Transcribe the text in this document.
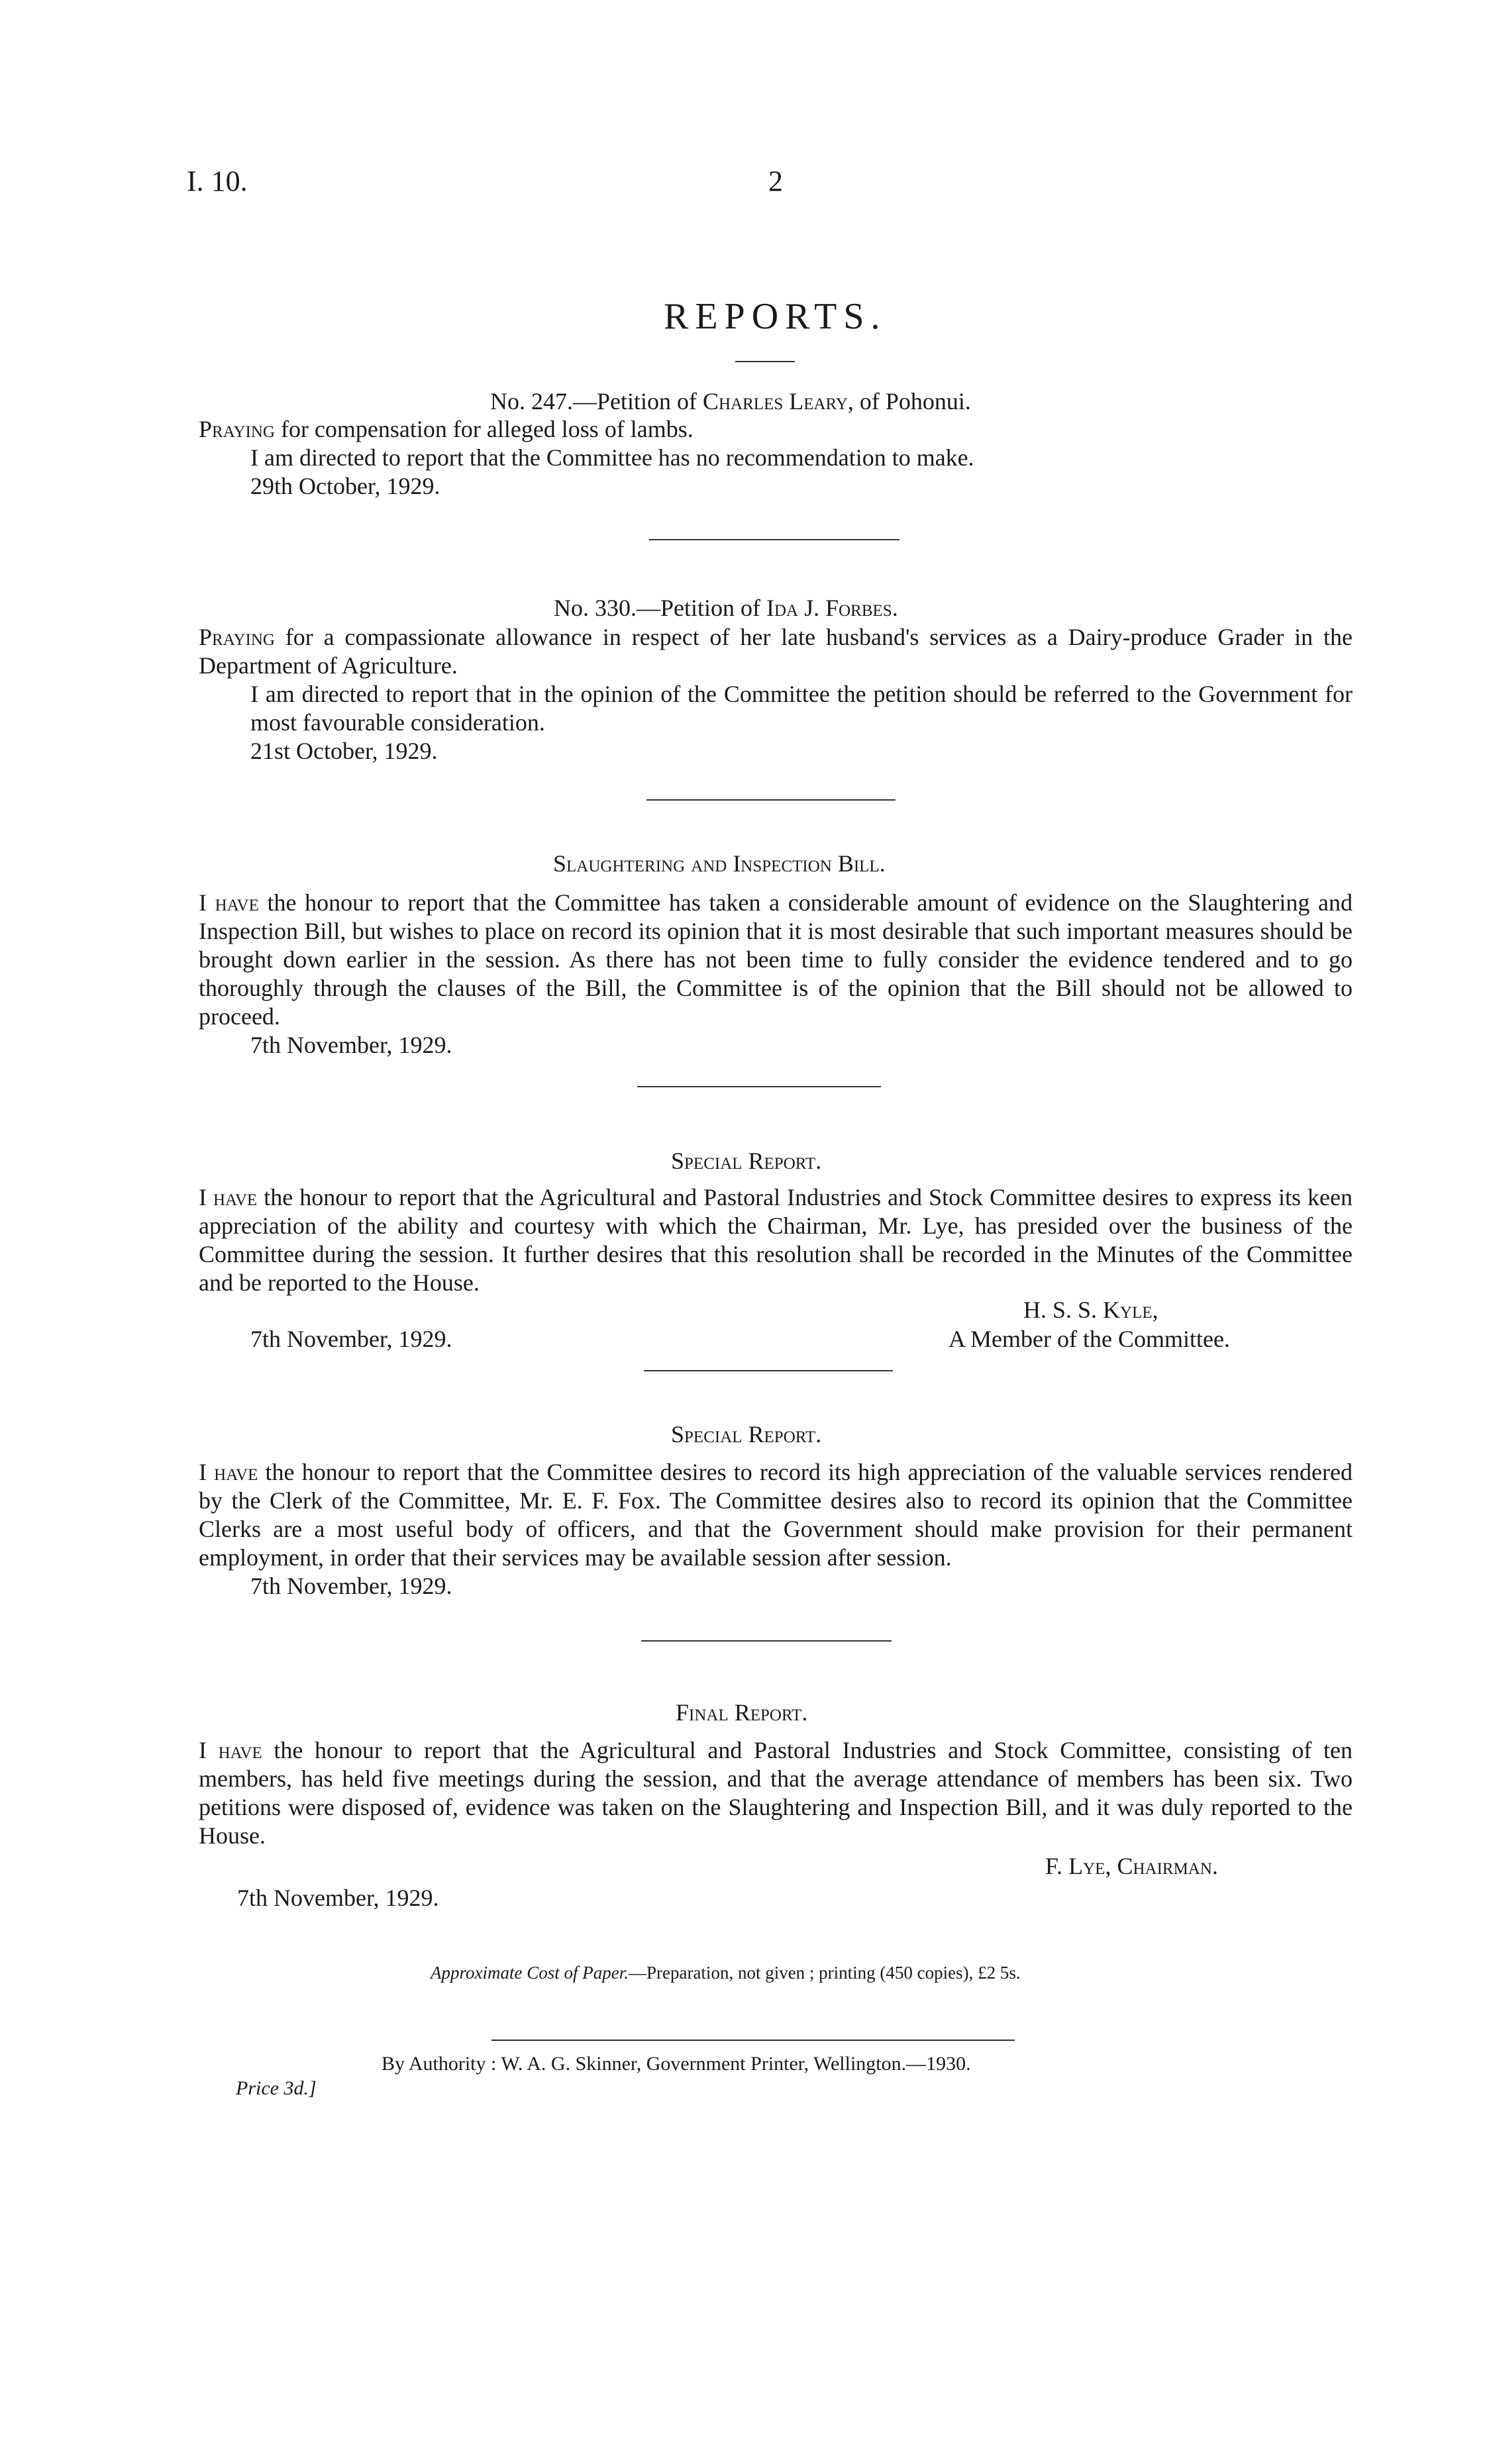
I. 10.	2
REPORTS.
No. 247.—Petition of Charles Leary, of Pohonui.

Praying for compensation for alleged loss of lambs.

I am directed to report that the Committee has no recommendation to make.

29th October, 1929.

No. 330.—Petition of Ida J. Forbes.

Praying for a compassionate allowance in respect of her late husband's services as a Dairy-produce Grader in the Department of Agriculture.

I am directed to report that in the opinion of the Committee the petition should be referred to the Government for most favourable consideration.

21st October, 1929.

Slaughtering and Inspection Bill.

I have the honour to report that the Committee has taken a considerable amount of evidence on the Slaughtering and Inspection Bill, but wishes to place on record its opinion that it is most desirable that such important measures should be brought down earlier in the session. As there has not been time to fully consider the evidence tendered and to go thoroughly through the clauses of the Bill, the Committee is of the opinion that the Bill should not be allowed to proceed.

7th November, 1929.

Special Report.

I have the honour to report that the Agricultural and Pastoral Industries and Stock Committee desires to express its keen appreciation of the ability and courtesy with which the Chairman, Mr. Lye, has presided over the business of the Committee during the session. It further desires that this resolution shall be recorded in the Minutes of the Committee and be reported to the House.

H. S. S. Kyle,
A Member of the Committee.
7th November, 1929.
Special Report.

I have the honour to report that the Committee desires to record its high appreciation of the valuable services rendered by the Clerk of the Committee, Mr. E. F. Fox. The Committee desires also to record its opinion that the Committee Clerks are a most useful body of officers, and that the Government should make provision for their permanent employment, in order that their services may be available session after session.

7th November, 1929.

Final Report.

I have the honour to report that the Agricultural and Pastoral Industries and Stock Committee, consisting of ten members, has held five meetings during the session, and that the average attendance of members has been six. Two petitions were disposed of, evidence was taken on the Slaughtering and Inspection Bill, and it was duly reported to the House.

F. Lye, Chairman.
7th November, 1929.
Approximate Cost of Paper.—Preparation, not given ; printing (450 copies), £2 5s.
By Authority : W. A. G. Skinner, Government Printer, Wellington.—1930.
Price 3d.]
